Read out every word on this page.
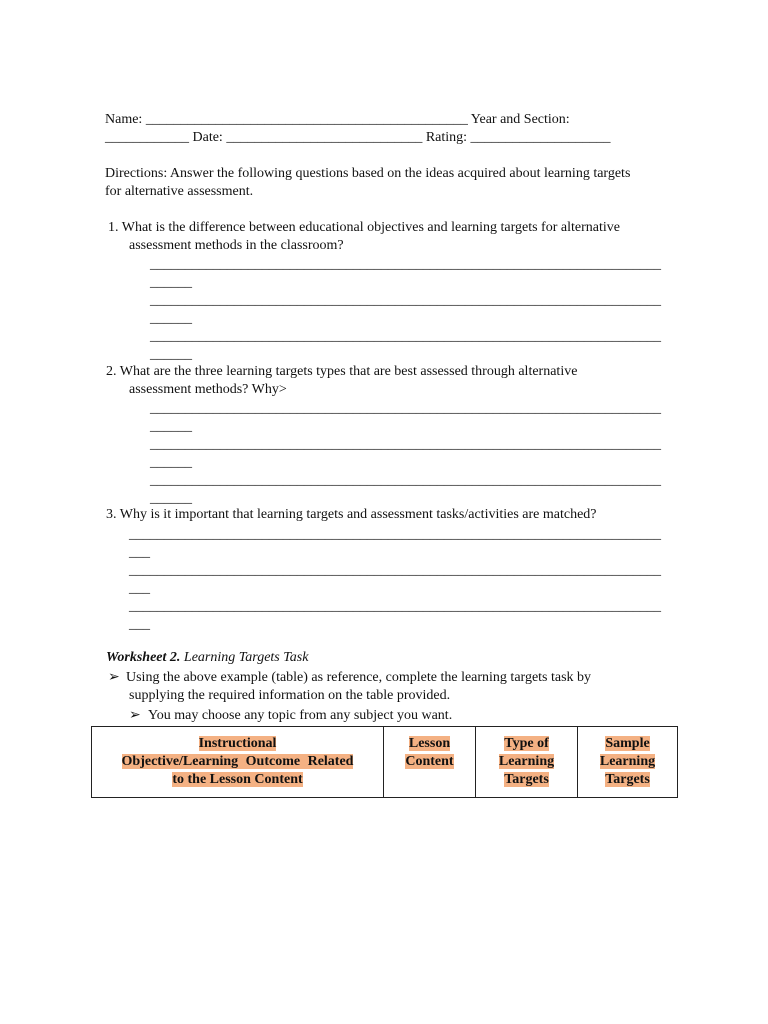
Name: ______________________________________________ Year and Section:
____________ Date: ____________________________ Rating: ____________________
Directions: Answer the following questions based on the ideas acquired about learning targets
for alternative assessment.
1. What is the difference between educational objectives and learning targets for alternative
assessment methods in the classroom?
_________________________________________________________________________
______
_________________________________________________________________________
______
_________________________________________________________________________
______
2. What are the three learning targets types that are best assessed through alternative
assessment methods? Why>
_________________________________________________________________________
______
_________________________________________________________________________
______
_________________________________________________________________________
______
3. Why is it important that learning targets and assessment tasks/activities are matched?
____________________________________________________________________________
___
____________________________________________________________________________
___
____________________________________________________________________________
___
Worksheet 2. Learning Targets Task
➢ Using the above example (table) as reference, complete the learning targets task by
supplying the required information on the table provided.
➢ You may choose any topic from any subject you want.
Instructional
Objective/Learning Outcome Related
to the Lesson Content	Lesson
Content	Type of
Learning
Targets	Sample
Learning
Targets
